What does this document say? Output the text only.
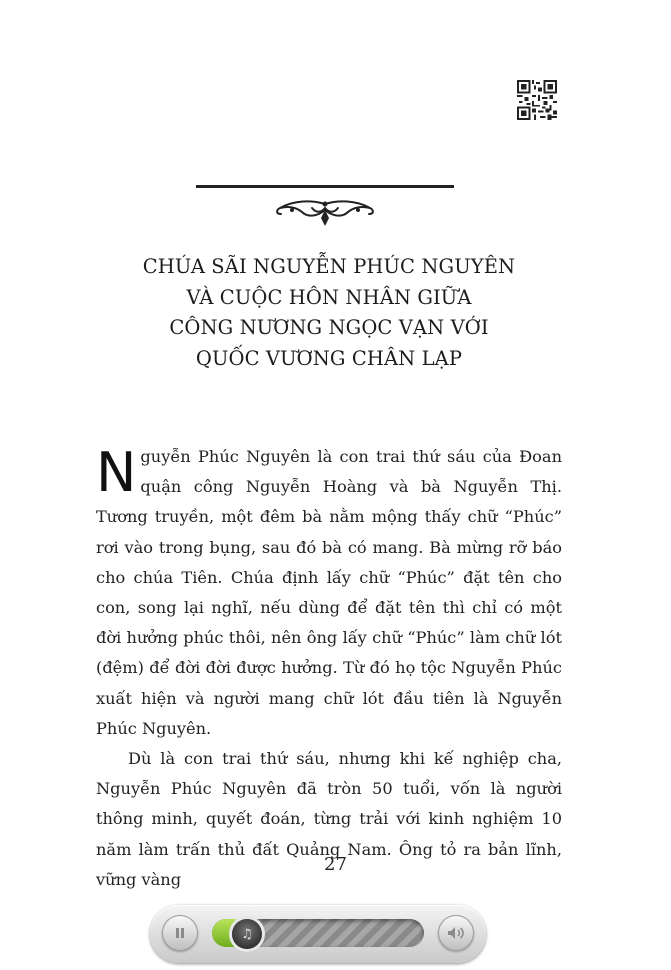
CHÚA SÃI NGUYỄN PHÚC NGUYÊN
VÀ CUỘC HÔN NHÂN GIỮA
CÔNG NƯƠNG NGỌC VẠN VỚI
QUỐC VƯƠNG CHÂN LẠP

Nguyễn Phúc Nguyên là con trai thứ sáu của Đoan quận công Nguyễn Hoàng và bà Nguyễn Thị. Tương truyền, một đêm bà nằm mộng thấy chữ “Phúc” rơi vào trong bụng, sau đó bà có mang. Bà mừng rỡ báo cho chúa Tiên. Chúa định lấy chữ “Phúc” đặt tên cho con, song lại nghĩ, nếu dùng để đặt tên thì chỉ có một đời hưởng phúc thôi, nên ông lấy chữ “Phúc” làm chữ lót (đệm) để đời đời được hưởng. Từ đó họ tộc Nguyễn Phúc xuất hiện và người mang chữ lót đầu tiên là Nguyễn Phúc Nguyên.

Dù là con trai thứ sáu, nhưng khi kế nghiệp cha, Nguyễn Phúc Nguyên đã tròn 50 tuổi, vốn là người thông minh, quyết đoán, từng trải với kinh nghiệm 10 năm làm trấn thủ đất Quảng Nam. Ông tỏ ra bản lĩnh, vững vàng

27
♫
